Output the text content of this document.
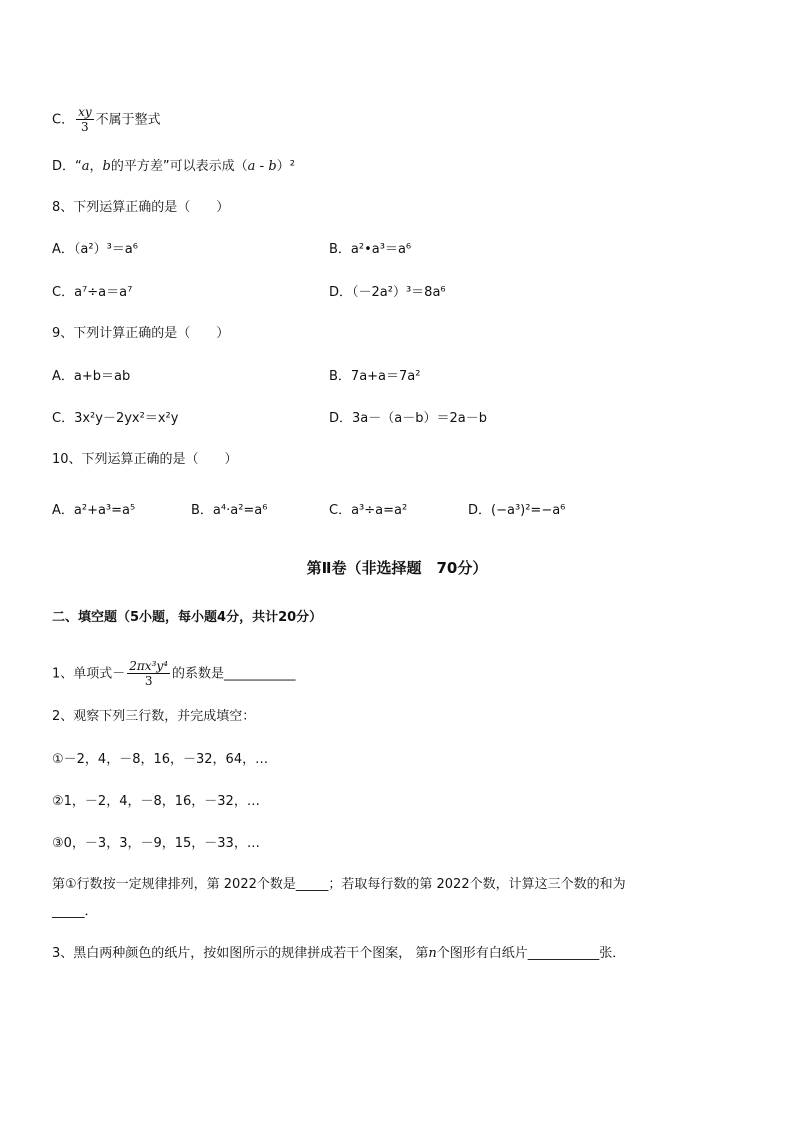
C． $\frac{xy}{3}$ 不属于整式
D．“a，b的平方差”可以表示成（a - b）²
8、下列运算正确的是（　　）
A．（a²）³＝a⁶	B．a²•a³＝a⁶
C．a⁷÷a＝a⁷	D．（－2a²）³＝8a⁶
9、下列计算正确的是（　　）
A．a+b＝ab	B．7a+a＝7a²
C．3x²y－2yx²＝x²y	D．3a－（a－b）＝2a－b
10、下列运算正确的是（　　）
A．a²+a³=a⁵	B．a⁴·a²=a⁶	C．a³÷a=a²	D．(−a³)²=−a⁶
第Ⅱ卷（非选择题　70分）
二、填空题（5小题，每小题4分，共计20分）
1、单项式－ $\frac{\text{2πx³y⁴}}{3}$ 的系数是___________
2、观察下列三行数，并完成填空：
①－2，4，－8，16，－32，64，…
②1，－2，4，－8，16，－32，…
③0，－3，3，－9，15，－33，…
第①行数按一定规律排列，第 2022个数是_____；若取每行数的第 2022个数，计算这三个数的和为
_____．
3、黑白两种颜色的纸片，按如图所示的规律拼成若干个图案， 第n个图形有白纸片___________张．
